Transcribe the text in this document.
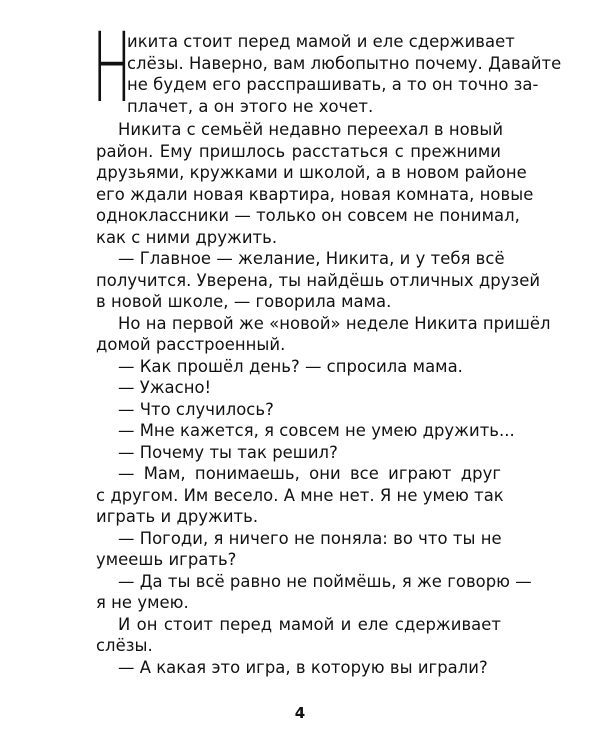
Н
икита стоит перед мамой и еле сдерживает
слёзы. Наверно, вам любопытно почему. Давайте
не будем его расспрашивать, а то он точно за-
плачет, а он этого не хочет.
Никита с семьёй недавно переехал в новый
район. Ему пришлось расстаться с прежними
друзьями, кружками и школой, а в новом районе
его ждали новая квартира, новая комната, новые
одноклассники — только он совсем не понимал,
как с ними дружить.
— Главное — желание, Никита, и у тебя всё
получится. Уверена, ты найдёшь отличных друзей
в новой школе, — говорила мама.
Но на первой же «новой» неделе Никита пришёл
домой расстроенный.
— Как прошёл день? — спросила мама.
— Ужасно!
— Что случилось?
— Мне кажется, я совсем не умею дружить...
— Почему ты так решил?
— Мам, понимаешь, они все играют друг
с другом. Им весело. А мне нет. Я не умею так
играть и дружить.
— Погоди, я ничего не поняла: во что ты не
умеешь играть?
— Да ты всё равно не поймёшь, я же говорю —
я не умею.
И он стоит перед мамой и еле сдерживает
слёзы.
— А какая это игра, в которую вы играли?
4
